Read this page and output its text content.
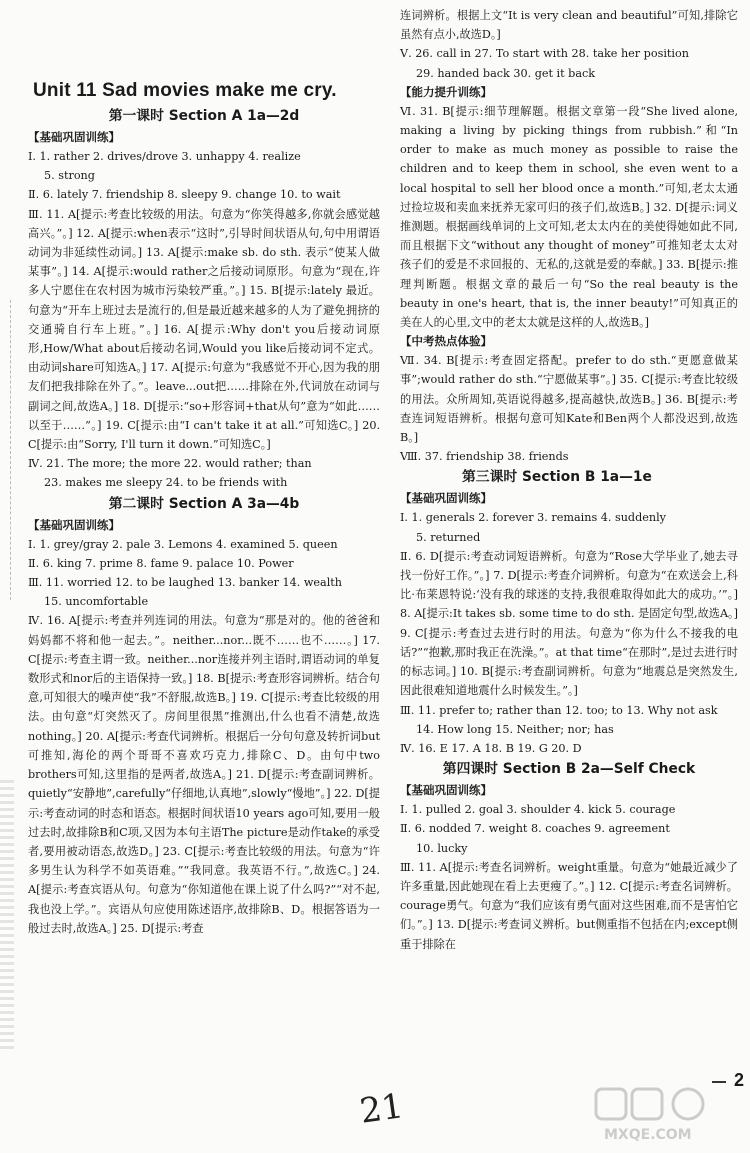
Unit 11 Sad movies make me cry.
第一课时 Section A 1a—2d
【基础巩固训练】

Ⅰ. 1. rather 2. drives/drove 3. unhappy 4. realize

5. strong

Ⅱ. 6. lately 7. friendship 8. sleepy 9. change 10. to wait

Ⅲ. 11. A[提示:考查比较级的用法。句意为“你笑得越多,你就会感觉越高兴。”。] 12. A[提示:when表示“这时”,引导时间状语从句,句中用谓语动词为非延续性动词。] 13. A[提示:make sb. do sth. 表示“使某人做某事”。] 14. A[提示:would rather之后接动词原形。句意为“现在,许多人宁愿住在农村因为城市污染较严重。”。] 15. B[提示:lately 最近。句意为“开车上班过去是流行的,但是最近越来越多的人为了避免拥挤的交通骑自行车上班。”。] 16. A[提示:Why don't you后接动词原形,How/What about后接动名词,Would you like后接动词不定式。由动词share可知选A。] 17. A[提示:句意为“我感觉不开心,因为我的朋友们把我排除在外了。”。leave...out把……排除在外,代词放在动词与副词之间,故选A。] 18. D[提示:“so+形容词+that从句”意为“如此……以至于……”。] 19. C[提示:由“I can't take it at all.”可知选C。] 20. C[提示:由“Sorry, I'll turn it down.”可知选C。]

Ⅳ. 21. The more; the more 22. would rather; than

23. makes me sleepy 24. to be friends with

第二课时 Section A 3a—4b
【基础巩固训练】

Ⅰ. 1. grey/gray 2. pale 3. Lemons 4. examined 5. queen

Ⅱ. 6. king 7. prime 8. fame 9. palace 10. Power

Ⅲ. 11. worried 12. to be laughed 13. banker 14. wealth

15. uncomfortable

Ⅳ. 16. A[提示:考查并列连词的用法。句意为“那是对的。他的爸爸和妈妈都不将和他一起去。”。neither...nor...既不……也不……。] 17. C[提示:考查主谓一致。neither...nor连接并列主语时,谓语动词的单复数形式和nor后的主语保持一致。] 18. B[提示:考查形容词辨析。结合句意,可知很大的噪声使“我”不舒服,故选B。] 19. C[提示:考查比较级的用法。由句意“灯突然灭了。房间里很黑”推测出,什么也看不清楚,故选nothing。] 20. A[提示:考查代词辨析。根据后一分句句意及转折词but可推知,海伦的两个哥哥不喜欢巧克力,排除C、D。由句中two brothers可知,这里指的是两者,故选A。] 21. D[提示:考查副词辨析。quietly“安静地”,carefully“仔细地,认真地”,slowly“慢地”。] 22. D[提示:考查动词的时态和语态。根据时间状语10 years ago可知,要用一般过去时,故排除B和C项,又因为本句主语The picture是动作take的承受者,要用被动语态,故选D。] 23. C[提示:考查比较级的用法。句意为“许多男生认为科学不如英语难。”“我同意。我英语不行。”,故选C。] 24. A[提示:考查宾语从句。句意为“你知道他在课上说了什么吗?”“对不起,我也没上学。”。宾语从句应使用陈述语序,故排除B、D。根据答语为一般过去时,故选A。] 25. D[提示:考查

连词辨析。根据上文“It is very clean and beautiful”可知,排除它虽然有点小,故选D。]

Ⅴ. 26. call in 27. To start with 28. take her position

29. handed back 30. get it back

【能力提升训练】

Ⅵ. 31. B[提示:细节理解题。根据文章第一段“She lived alone, making a living by picking things from rubbish.”和“In order to make as much money as possible to raise the children and to keep them in school, she even went to a local hospital to sell her blood once a month.”可知,老太太通过捡垃圾和卖血来抚养无家可归的孩子们,故选B。] 32. D[提示:词义推测题。根据画线单词的上文可知,老太太内在的美使得她如此不同,而且根据下文“without any thought of money”可推知老太太对孩子们的爱是不求回报的、无私的,这就是爱的奉献。] 33. B[提示:推理判断题。根据文章的最后一句“So the real beauty is the beauty in one's heart, that is, the inner beauty!”可知真正的美在人的心里,文中的老太太就是这样的人,故选B。]

【中考热点体验】

Ⅶ. 34. B[提示:考查固定搭配。prefer to do sth.“更愿意做某事”;would rather do sth.“宁愿做某事”。] 35. C[提示:考查比较级的用法。众所周知,英语说得越多,提高越快,故选B。] 36. B[提示:考查连词短语辨析。根据句意可知Kate和Ben两个人都没迟到,故选B。]

Ⅷ. 37. friendship 38. friends

第三课时 Section B 1a—1e
【基础巩固训练】

Ⅰ. 1. generals 2. forever 3. remains 4. suddenly

5. returned

Ⅱ. 6. D[提示:考查动词短语辨析。句意为“Rose大学毕业了,她去寻找一份好工作。”。] 7. D[提示:考查介词辨析。句意为“在欢送会上,科比·布莱恩特说:‘没有我的球迷的支持,我很难取得如此大的成功。’”。] 8. A[提示:It takes sb. some time to do sth. 是固定句型,故选A。] 9. C[提示:考查过去进行时的用法。句意为“你为什么不接我的电话?”“抱歉,那时我正在洗澡。”。at that time“在那时”,是过去进行时的标志词。] 10. B[提示:考查副词辨析。句意为“地震总是突然发生,因此很难知道地震什么时候发生。”。]

Ⅲ. 11. prefer to; rather than 12. too; to 13. Why not ask

14. How long 15. Neither; nor; has

Ⅳ. 16. E 17. A 18. B 19. G 20. D

第四课时 Section B 2a—Self Check
【基础巩固训练】

Ⅰ. 1. pulled 2. goal 3. shoulder 4. kick 5. courage

Ⅱ. 6. nodded 7. weight 8. coaches 9. agreement

10. lucky

Ⅲ. 11. A[提示:考查名词辨析。weight重量。句意为“她最近减少了许多重量,因此她现在看上去更瘦了。”。] 12. C[提示:考查名词辨析。courage勇气。句意为“我们应该有勇气面对这些困难,而不是害怕它们。”。] 13. D[提示:考查词义辨析。but侧重指不包括在内;except侧重于排除在

2
21
MXQE.COM
